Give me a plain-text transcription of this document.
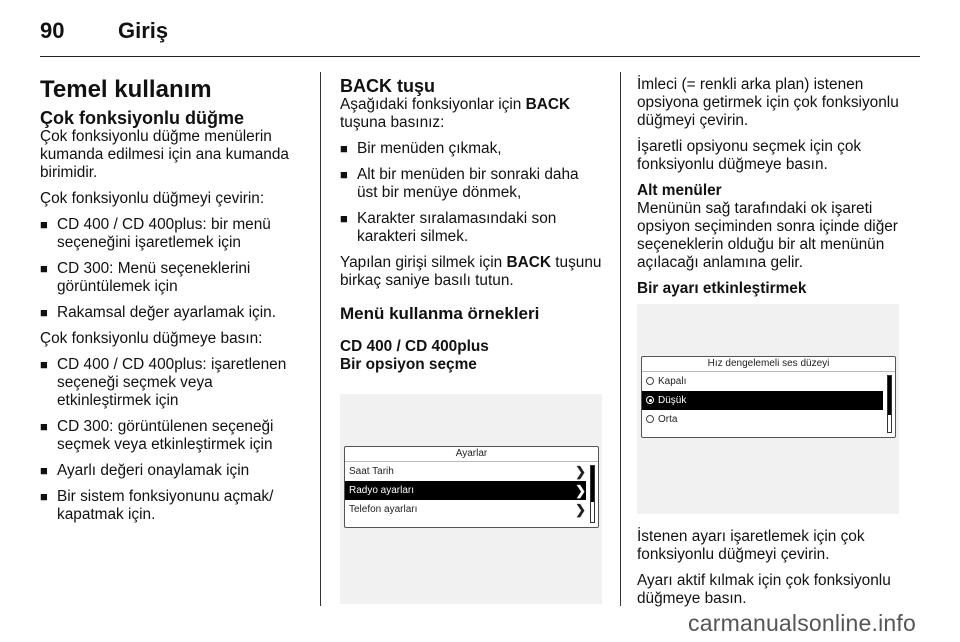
90 Giriş
Temel kullanım
Çok fonksiyonlu düğme

Çok fonksiyonlu düğme menülerin kumanda edilmesi için ana kumanda birimidir.

Çok fonksiyonlu düğmeyi çevirin:

■ CD 400 / CD 400plus: bir menü seçeneğini işaretlemek için
■ CD 300: Menü seçeneklerini görüntülemek için
■ Rakamsal değer ayarlamak için.

Çok fonksiyonlu düğmeye basın:

■ CD 400 / CD 400plus: işaretlenen seçeneği seçmek veya etkinleştirmek için
■ CD 300: görüntülenen seçeneği seçmek veya etkinleştirmek için
■ Ayarlı değeri onaylamak için
■ Bir sistem fonksiyonunu açmak/ kapatmak için.
BACK tuşu

Aşağıdaki fonksiyonlar için BACK tuşuna basınız:

■ Bir menüden çıkmak,
■ Alt bir menüden bir sonraki daha üst bir menüye dönmek,
■ Karakter sıralamasındaki son karakteri silmek.

Yapılan girişi silmek için BACK tuşunu birkaç saniye basılı tutun.

Menü kullanma örnekleri
CD 400 / CD 400plus
Bir opsiyon seçme
Ayarlar
Saat Tarih	❯
Radyo ayarları	❯
Telefon ayarları	❯

İmleci (= renkli arka plan) istenen opsiyona getirmek için çok fonksiyonlu düğmeyi çevirin.

İşaretli opsiyonu seçmek için çok fonksiyonlu düğmeye basın.

Alt menüler

Menünün sağ tarafındaki ok işareti opsiyon seçiminden sonra içinde diğer seçeneklerin olduğu bir alt menünün açılacağı anlamına gelir.

Bir ayarı etkinleştirmek
Hız dengelemeli ses düzeyi
Kapalı
Düşük
Orta

İstenen ayarı işaretlemek için çok fonksiyonlu düğmeyi çevirin.

Ayarı aktif kılmak için çok fonksiyonlu düğmeye basın.

carmanualsonline.info
